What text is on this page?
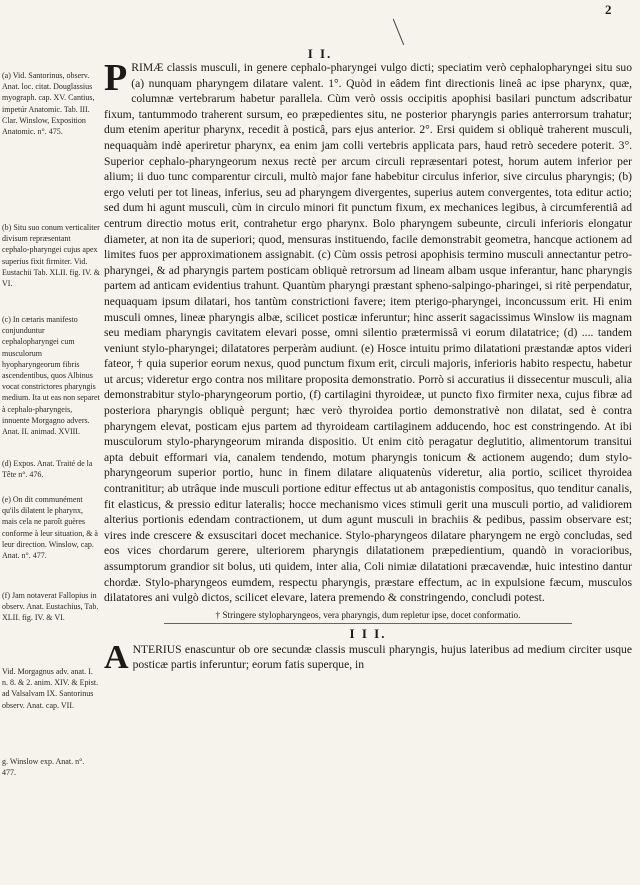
2
I I.

(a) Vid. Santorinus, observ. Anat. loc. citat. Douglassius myograph. cap. XV. Cantius, impetúr Anatomic. Tab. III. Clar. Winslow, Exposition Anatomic. n°. 475.

(b) Situ suo conum verticaliter divisum repræsentant cephalo-pharyngei cujus apex superius fixit firmiter. Vid. Eustachii Tab. XLII. fig. IV. & VI.

(c) In cætaris manifesto conjunduntur cephalopharyngei cum musculorum hyopharyngeorum fibris ascendentibus, quos Albinus vocat constrictores pharyngis medium. Ita ut eas non separet à cephalo-pharyngeis, innuente Morgagno advers. Anat. II. animad. XVIII.

(d) Expos. Anat. Traité de la Tête n°. 476.

(e) On dit communément qu'ils dilatent le pharynx, mais cela ne paroît guères conforme à leur situation, & à leur direction. Winslow, cap. Anat. n°. 477.

(f) Jam notaverat Fallopius in observ. Anat. Eustachius, Tab. XLII. fig. IV. & VI.

Vid. Morgagnus adv. anat. I. n. 8. & 2. anim. XIV. & Epist. ad Valsalvam IX. Santorinus observ. Anat. cap. VII.

g. Winslow exp. Anat. n°. 477.

PRIMÆ classis musculi, in genere cephalo-pharyngei vulgo dicti; speciatim verò cephalopharyngei situ suo (a) nunquam pharyngem dilatare valent. 1°. Quòd in eâdem fint directionis lineâ ac ipse pharynx, quæ, columnæ vertebrarum habetur parallela. Cùm verò ossis occipitis apophisi basilari punctum adscribatur fixum, tantummodo traherent sursum, eo præpedientes situ, ne posterior pharyngis paries anterrorsum trahatur; dum etenim aperitur pharynx, recedit à posticâ, pars ejus anterior. 2°. Ersi quidem si obliquè traherent musculi, nequaquàm indè aperiretur pharynx, ea enim jam colli vertebris applicata pars, haud retrò secedere poterit. 3°. Superior cephalo-pharyngeorum nexus rectè per arcum circuli repræsentari potest, horum autem inferior per alium; ii duo tunc comparentur circuli, multò major fane habebitur circulus inferior, sive circulus pharyngis; (b) ergo veluti per tot lineas, inferius, seu ad pharyngem divergentes, superius autem convergentes, tota editur actio; sed dum hi agunt musculi, cùm in circulo minori fit punctum fixum, ex mechanices legibus, à circumferentiâ ad centrum directio motus erit, contrahetur ergo pharynx. Bolo pharyngem subeunte, circuli inferioris elongatur diameter, at non ita de superiori; quod, mensuras instituendo, facile demonstrabit geometra, hancque actionem ad limites fuos per approximationem assignabit. (c) Cùm ossis petrosi apophisis termino musculi annectantur petro-pharyngei, & ad pharyngis partem posticam obliquè retrorsum ad lineam albam usque inferantur, hanc pharyngis partem ad anticam evidentius trahunt. Quantùm pharyngi præstant spheno-salpingo-pharingei, si ritè perpendatur, nequaquam ipsum dilatari, hos tantùm constrictioni favere; item pterigo-pharyngei, inconcussum erit. Hi enim musculi omnes, lineæ pharyngis albæ, scilicet posticæ inferuntur; hinc asserit sagacissimus Winslow iis magnam seu mediam pharyngis cavitatem elevari posse, omni silentio prætermissâ vi eorum dilatatrice; (d) .... tandem veniunt stylo-pharyngei; dilatatores perperàm audiunt. (e) Hosce intuitu primo dilatationi præstandæ aptos videri fateor, † quia superior eorum nexus, quod punctum fixum erit, circuli majoris, inferioris habito respectu, habetur ut arcus; videretur ergo contra nos militare proposita demonstratio. Porrò si accuratius ii dissecentur musculi, alia demonstrabitur stylo-pharyngeorum portio, (f) cartilagini thyroideæ, ut puncto fixo firmiter nexa, cujus fibræ ad posteriora pharyngis obliquè pergunt; hæc verò thyroidea portio demonstrativè non dilatat, sed è contra pharyngem elevat, posticam ejus partem ad thyroideam cartilaginem adducendo, hoc est constringendo. At ibi musculorum stylo-pharyngeorum miranda dispositio. Ut enim citò peragatur deglutitio, alimentorum transitui apta debuit efformari via, canalem tendendo, motum pharyngis tonicum & actionem augendo; dum stylo-pharyngeorum superior portio, hunc in finem dilatare aliquatenùs videretur, alia portio, scilicet thyroidea contranititur; ab utrâque inde musculi portione editur effectus ut ab antagonistis compositus, quo tenditur canalis, fit elasticus, & pressio editur lateralis; hocce mechanismo vices stimuli gerit una musculi portio, ad validiorem alterius portionis edendam contractionem, ut dum agunt musculi in brachiis & pedibus, passim observare est; vires inde crescere & exsuscitari docet mechanice. Stylo-pharyngeos dilatare pharyngem ne ergò concludas, sed eos vices chordarum gerere, ulteriorem pharyngis dilatationem præpedientium, quandò in voracioribus, assumptorum grandior sit bolus, uti quidem, inter alia, Coli nimiæ dilatationi præcavendæ, huic intestino dantur chordæ. Stylo-pharyngeos eumdem, respectu pharyngis, præstare effectum, ac in expulsione fæcum, musculos dilatatores ani vulgò dictos, scilicet elevare, latera premendo & constringendo, concludi potest.

† Stringere stylopharyngeos, vera pharyngis, dum repletur ipse, docet conformatio.

I I I.

ANTERIUS enascuntur ob ore secundæ classis musculi pharyngis, hujus lateribus ad medium circiter usque posticæ partis inferuntur; eorum fatis superque, in
